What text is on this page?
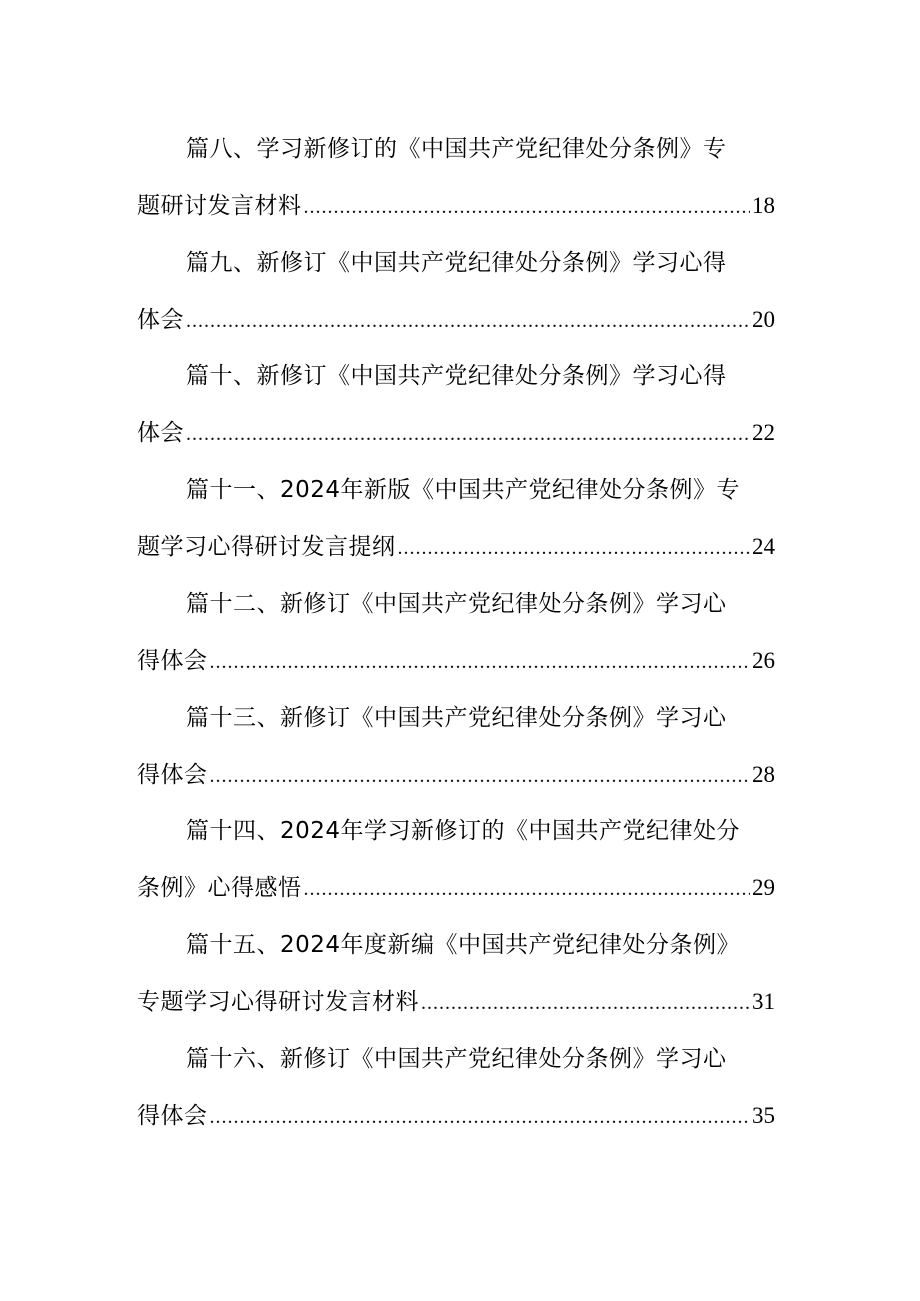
篇八、学习新修订的《中国共产党纪律处分条例》专
题研讨发言材料 .....	18
篇九、新修订《中国共产党纪律处分条例》学习心得
体会 .....	20
篇十、新修订《中国共产党纪律处分条例》学习心得
体会 .....	22
篇十一、2024年新版《中国共产党纪律处分条例》专
题学习心得研讨发言提纲 .....	24
篇十二、新修订《中国共产党纪律处分条例》学习心
得体会 .....	26
篇十三、新修订《中国共产党纪律处分条例》学习心
得体会 .....	28
篇十四、2024年学习新修订的《中国共产党纪律处分
条例》心得感悟 .....	29
篇十五、2024年度新编《中国共产党纪律处分条例》
专题学习心得研讨发言材料 .....	31
篇十六、新修订《中国共产党纪律处分条例》学习心
得体会 .....	35
